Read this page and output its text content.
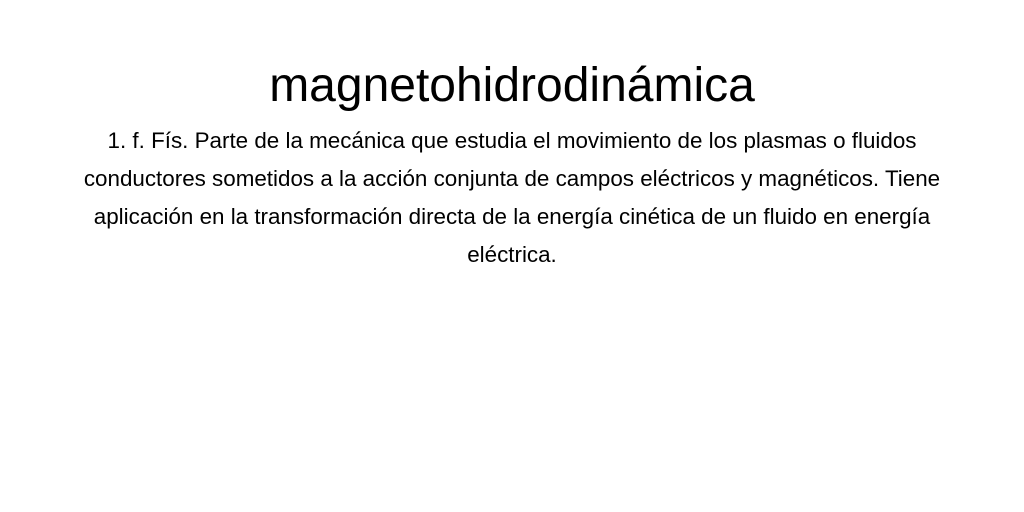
magnetohidrodinámica

1. f. Fís. Parte de la mecánica que estudia el movimiento de los plasmas o fluidos conductores sometidos a la acción conjunta de campos eléctricos y magnéticos. Tiene aplicación en la transformación directa de la energía cinética de un fluido en energía eléctrica.
